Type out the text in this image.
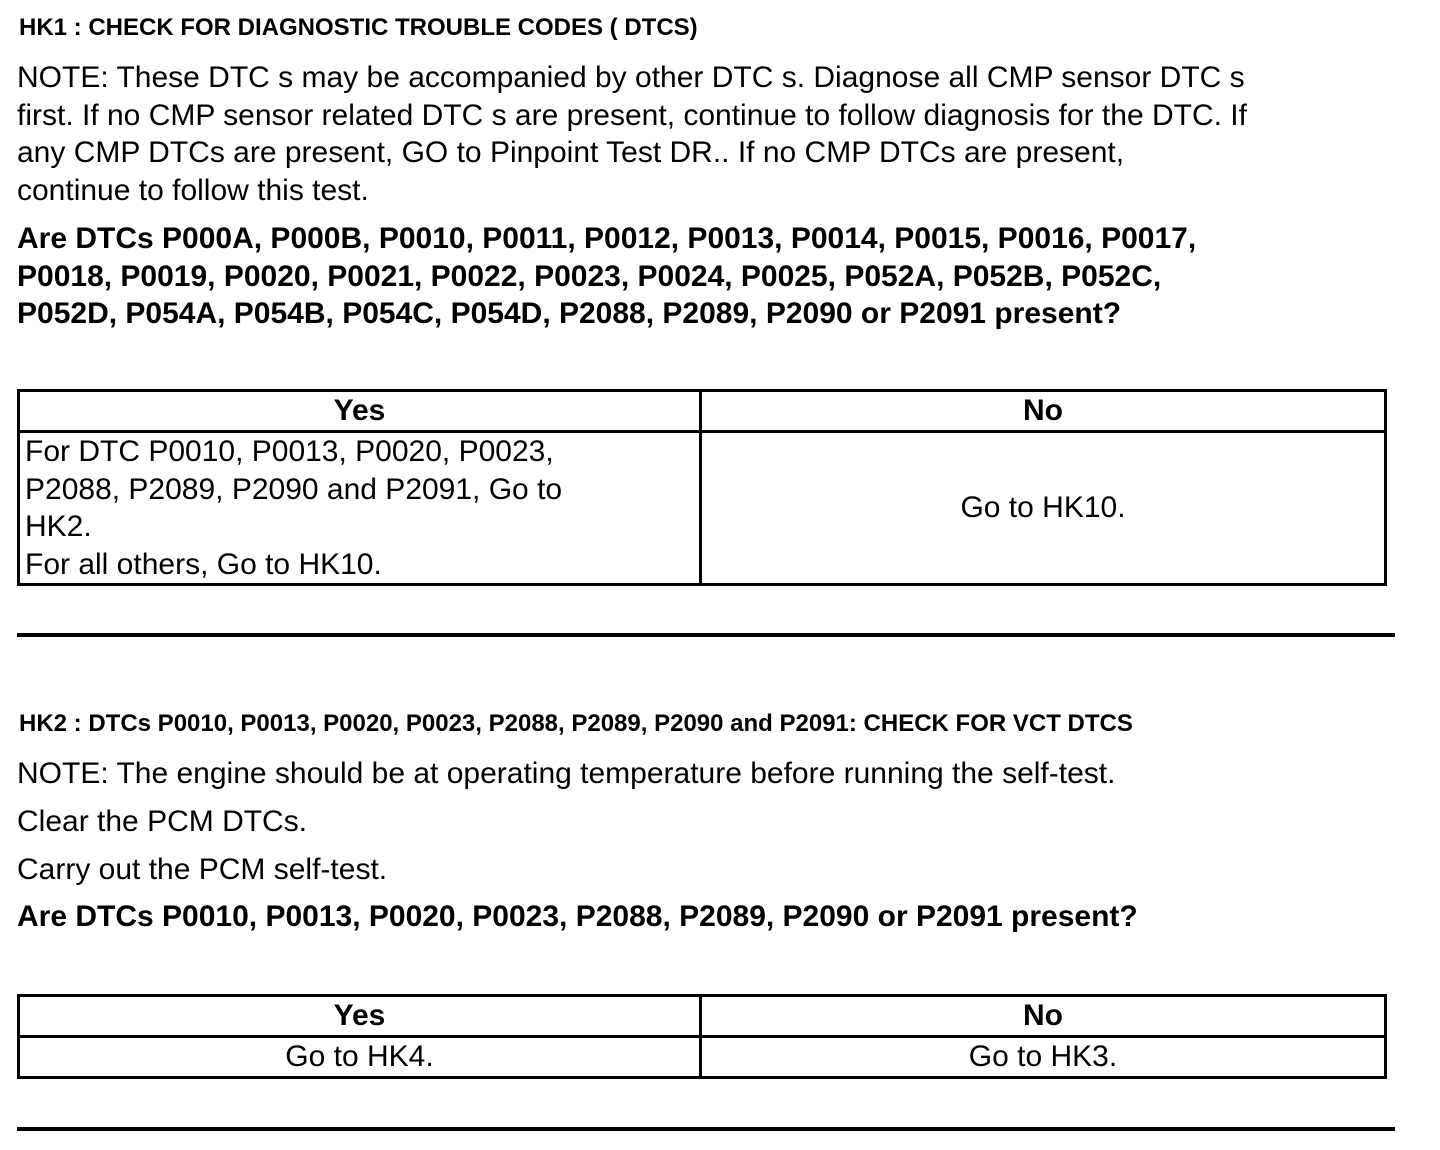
HK1 : CHECK FOR DIAGNOSTIC TROUBLE CODES ( DTCS)
NOTE: These DTC s may be accompanied by other DTC s. Diagnose all CMP sensor DTC s
first. If no CMP sensor related DTC s are present, continue to follow diagnosis for the DTC. If
any CMP DTCs are present, GO to Pinpoint Test DR.. If no CMP DTCs are present,
continue to follow this test.
Are DTCs P000A, P000B, P0010, P0011, P0012, P0013, P0014, P0015, P0016, P0017,
P0018, P0019, P0020, P0021, P0022, P0023, P0024, P0025, P052A, P052B, P052C,
P052D, P054A, P054B, P054C, P054D, P2088, P2089, P2090 or P2091 present?
Yes	No

For DTC P0010, P0013, P0020, P0023,
P2088, P2089, P2090 and P2091, Go to
HK2.
For all others, Go to HK10.	Go to HK10.
HK2 : DTCs P0010, P0013, P0020, P0023, P2088, P2089, P2090 and P2091: CHECK FOR VCT DTCS
NOTE: The engine should be at operating temperature before running the self-test.
Clear the PCM DTCs.
Carry out the PCM self-test.
Are DTCs P0010, P0013, P0020, P0023, P2088, P2089, P2090 or P2091 present?
Yes	No
Go to HK4.	Go to HK3.
